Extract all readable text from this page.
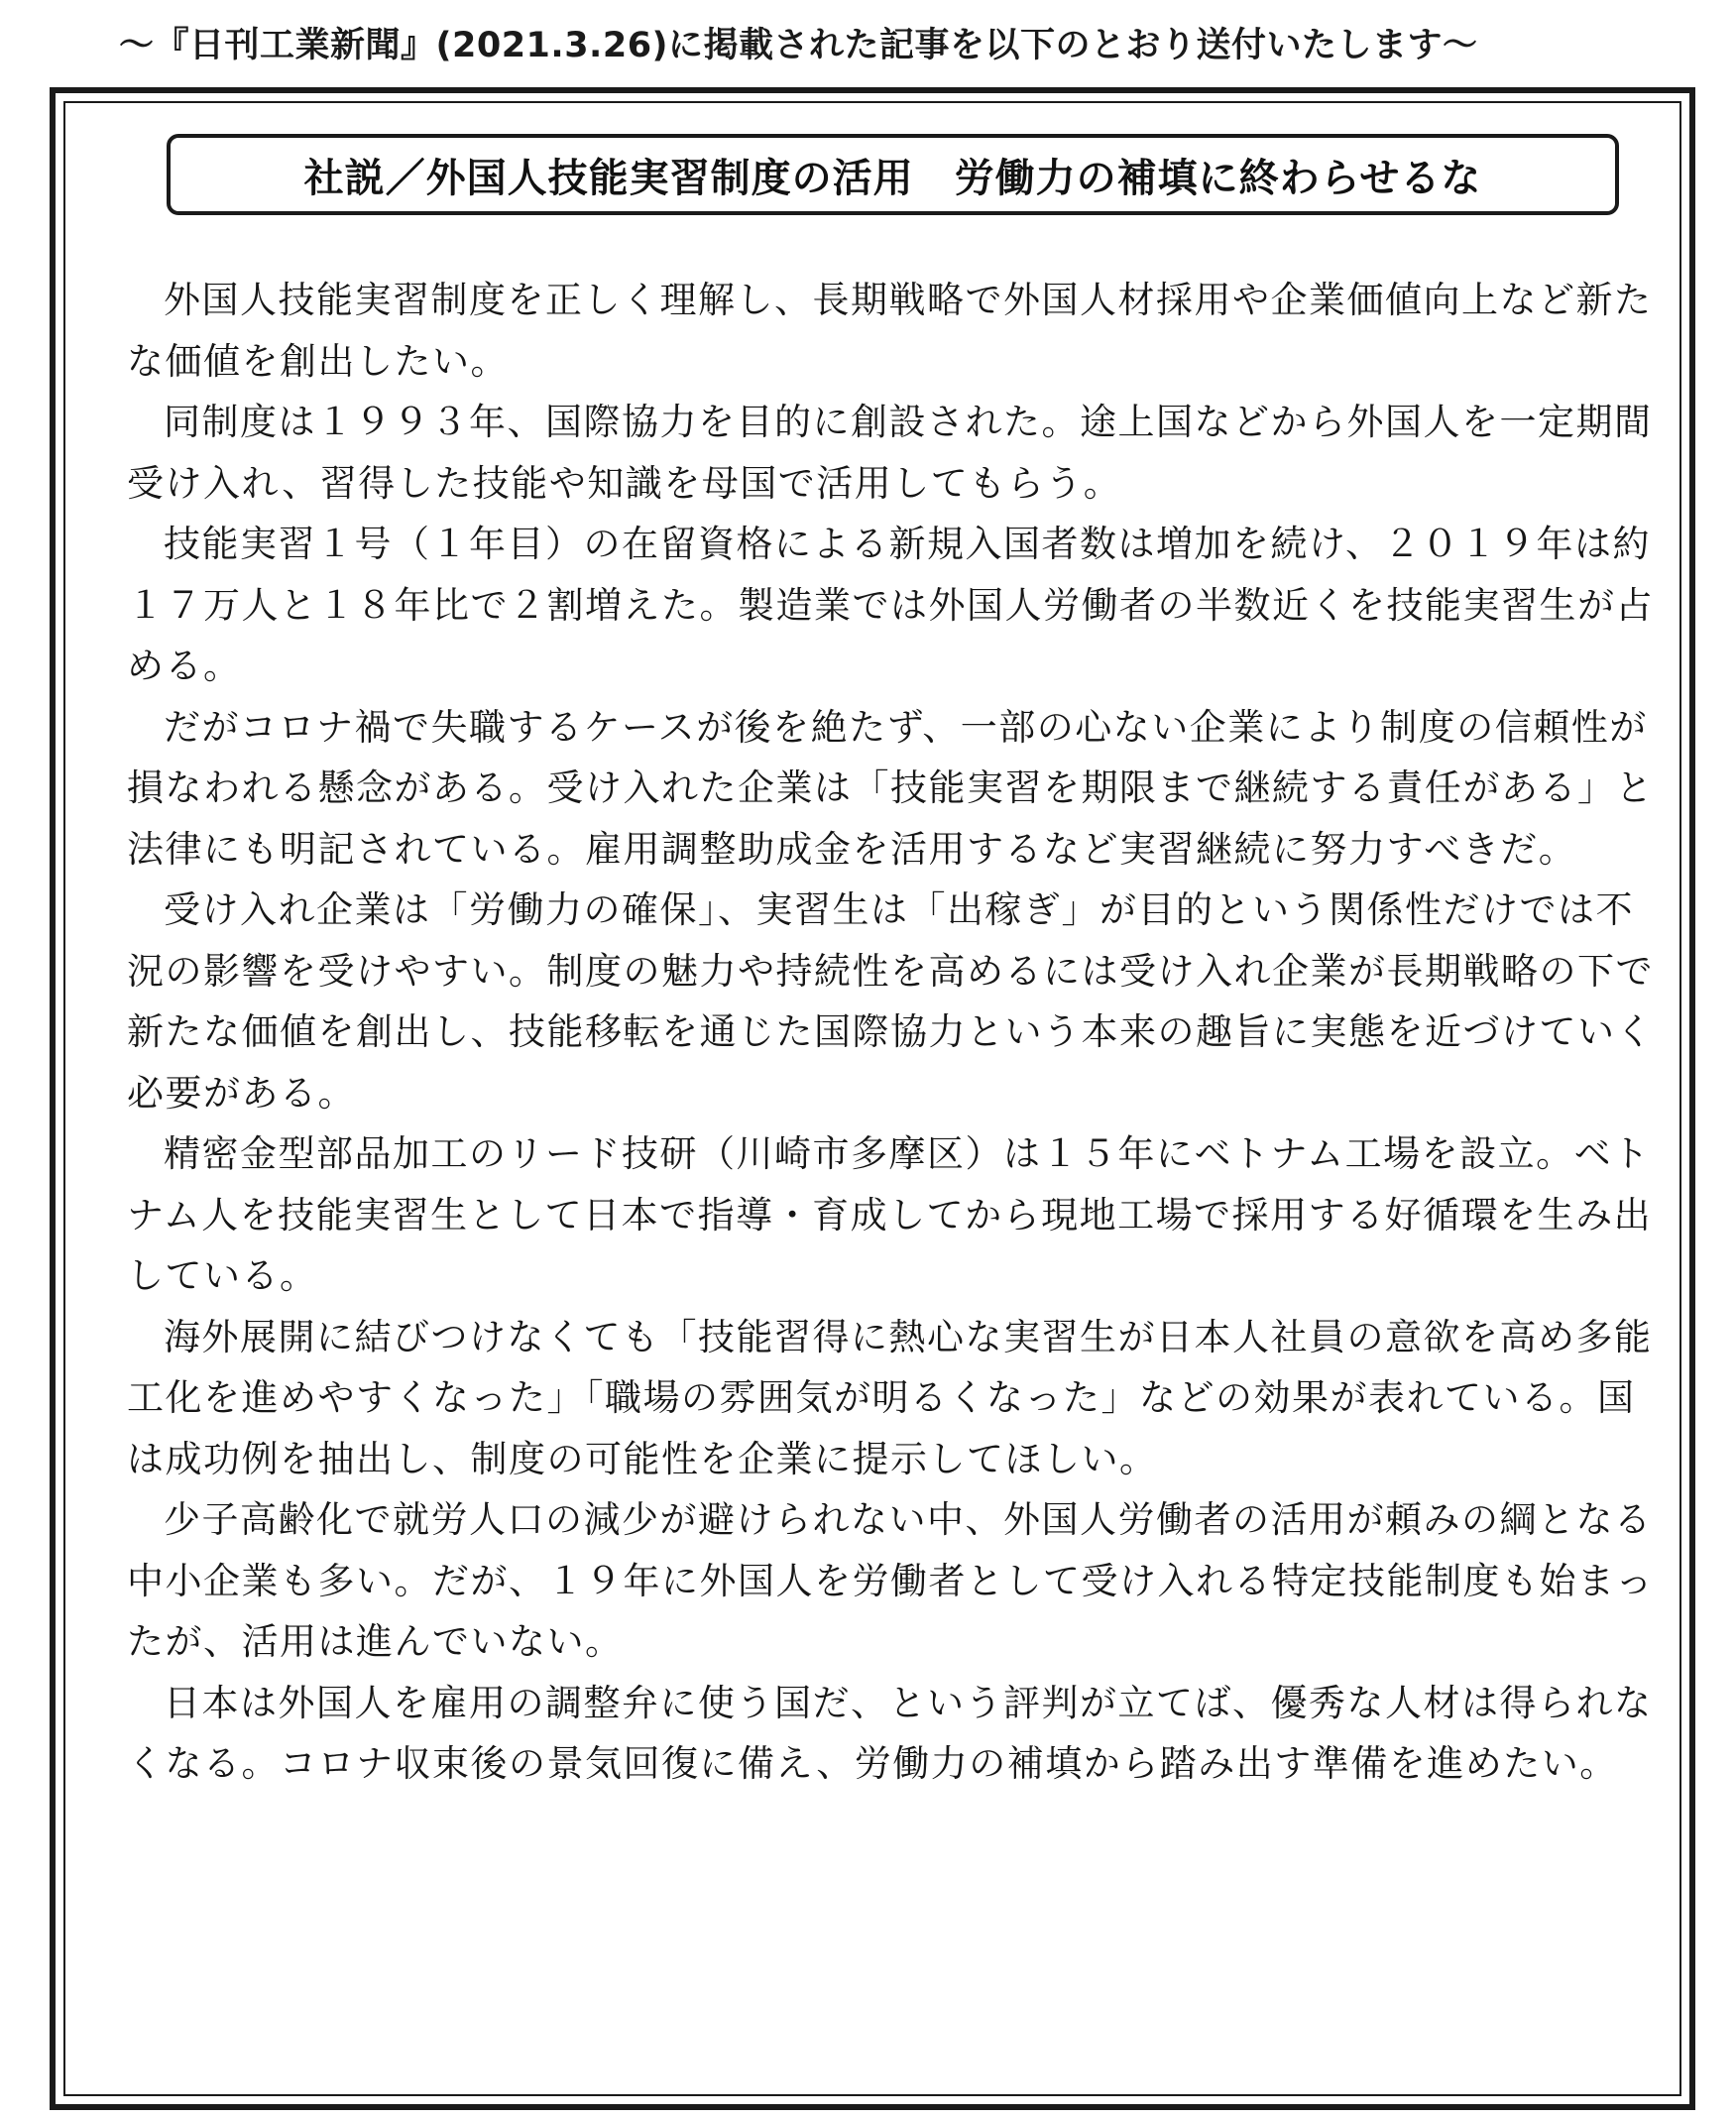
〜『日刊工業新聞』(2021.3.26)に掲載された記事を以下のとおり送付いたします〜
社説／外国人技能実習制度の活用　労働力の補填に終わらせるな

外国人技能実習制度を正しく理解し、長期戦略で外国人材採用や企業価値向上など新たな価値を創出したい。

同制度は１９９３年、国際協力を目的に創設された。途上国などから外国人を一定期間受け入れ、習得した技能や知識を母国で活用してもらう。

技能実習１号（１年目）の在留資格による新規入国者数は増加を続け、２０１９年は約１７万人と１８年比で２割増えた。製造業では外国人労働者の半数近くを技能実習生が占める。

だがコロナ禍で失職するケースが後を絶たず、一部の心ない企業により制度の信頼性が損なわれる懸念がある。受け入れた企業は「技能実習を期限まで継続する責任がある」と法律にも明記されている。雇用調整助成金を活用するなど実習継続に努力すべきだ。

受け入れ企業は「労働力の確保」、実習生は「出稼ぎ」が目的という関係性だけでは不況の影響を受けやすい。制度の魅力や持続性を高めるには受け入れ企業が長期戦略の下で新たな価値を創出し、技能移転を通じた国際協力という本来の趣旨に実態を近づけていく必要がある。

精密金型部品加工のリード技研（川崎市多摩区）は１５年にベトナム工場を設立。ベトナム人を技能実習生として日本で指導・育成してから現地工場で採用する好循環を生み出している。

海外展開に結びつけなくても「技能習得に熱心な実習生が日本人社員の意欲を高め多能工化を進めやすくなった」「職場の雰囲気が明るくなった」などの効果が表れている。国は成功例を抽出し、制度の可能性を企業に提示してほしい。

少子高齢化で就労人口の減少が避けられない中、外国人労働者の活用が頼みの綱となる中小企業も多い。だが、１９年に外国人を労働者として受け入れる特定技能制度も始まったが、活用は進んでいない。

日本は外国人を雇用の調整弁に使う国だ、という評判が立てば、優秀な人材は得られなくなる。コロナ収束後の景気回復に備え、労働力の補填から踏み出す準備を進めたい。
